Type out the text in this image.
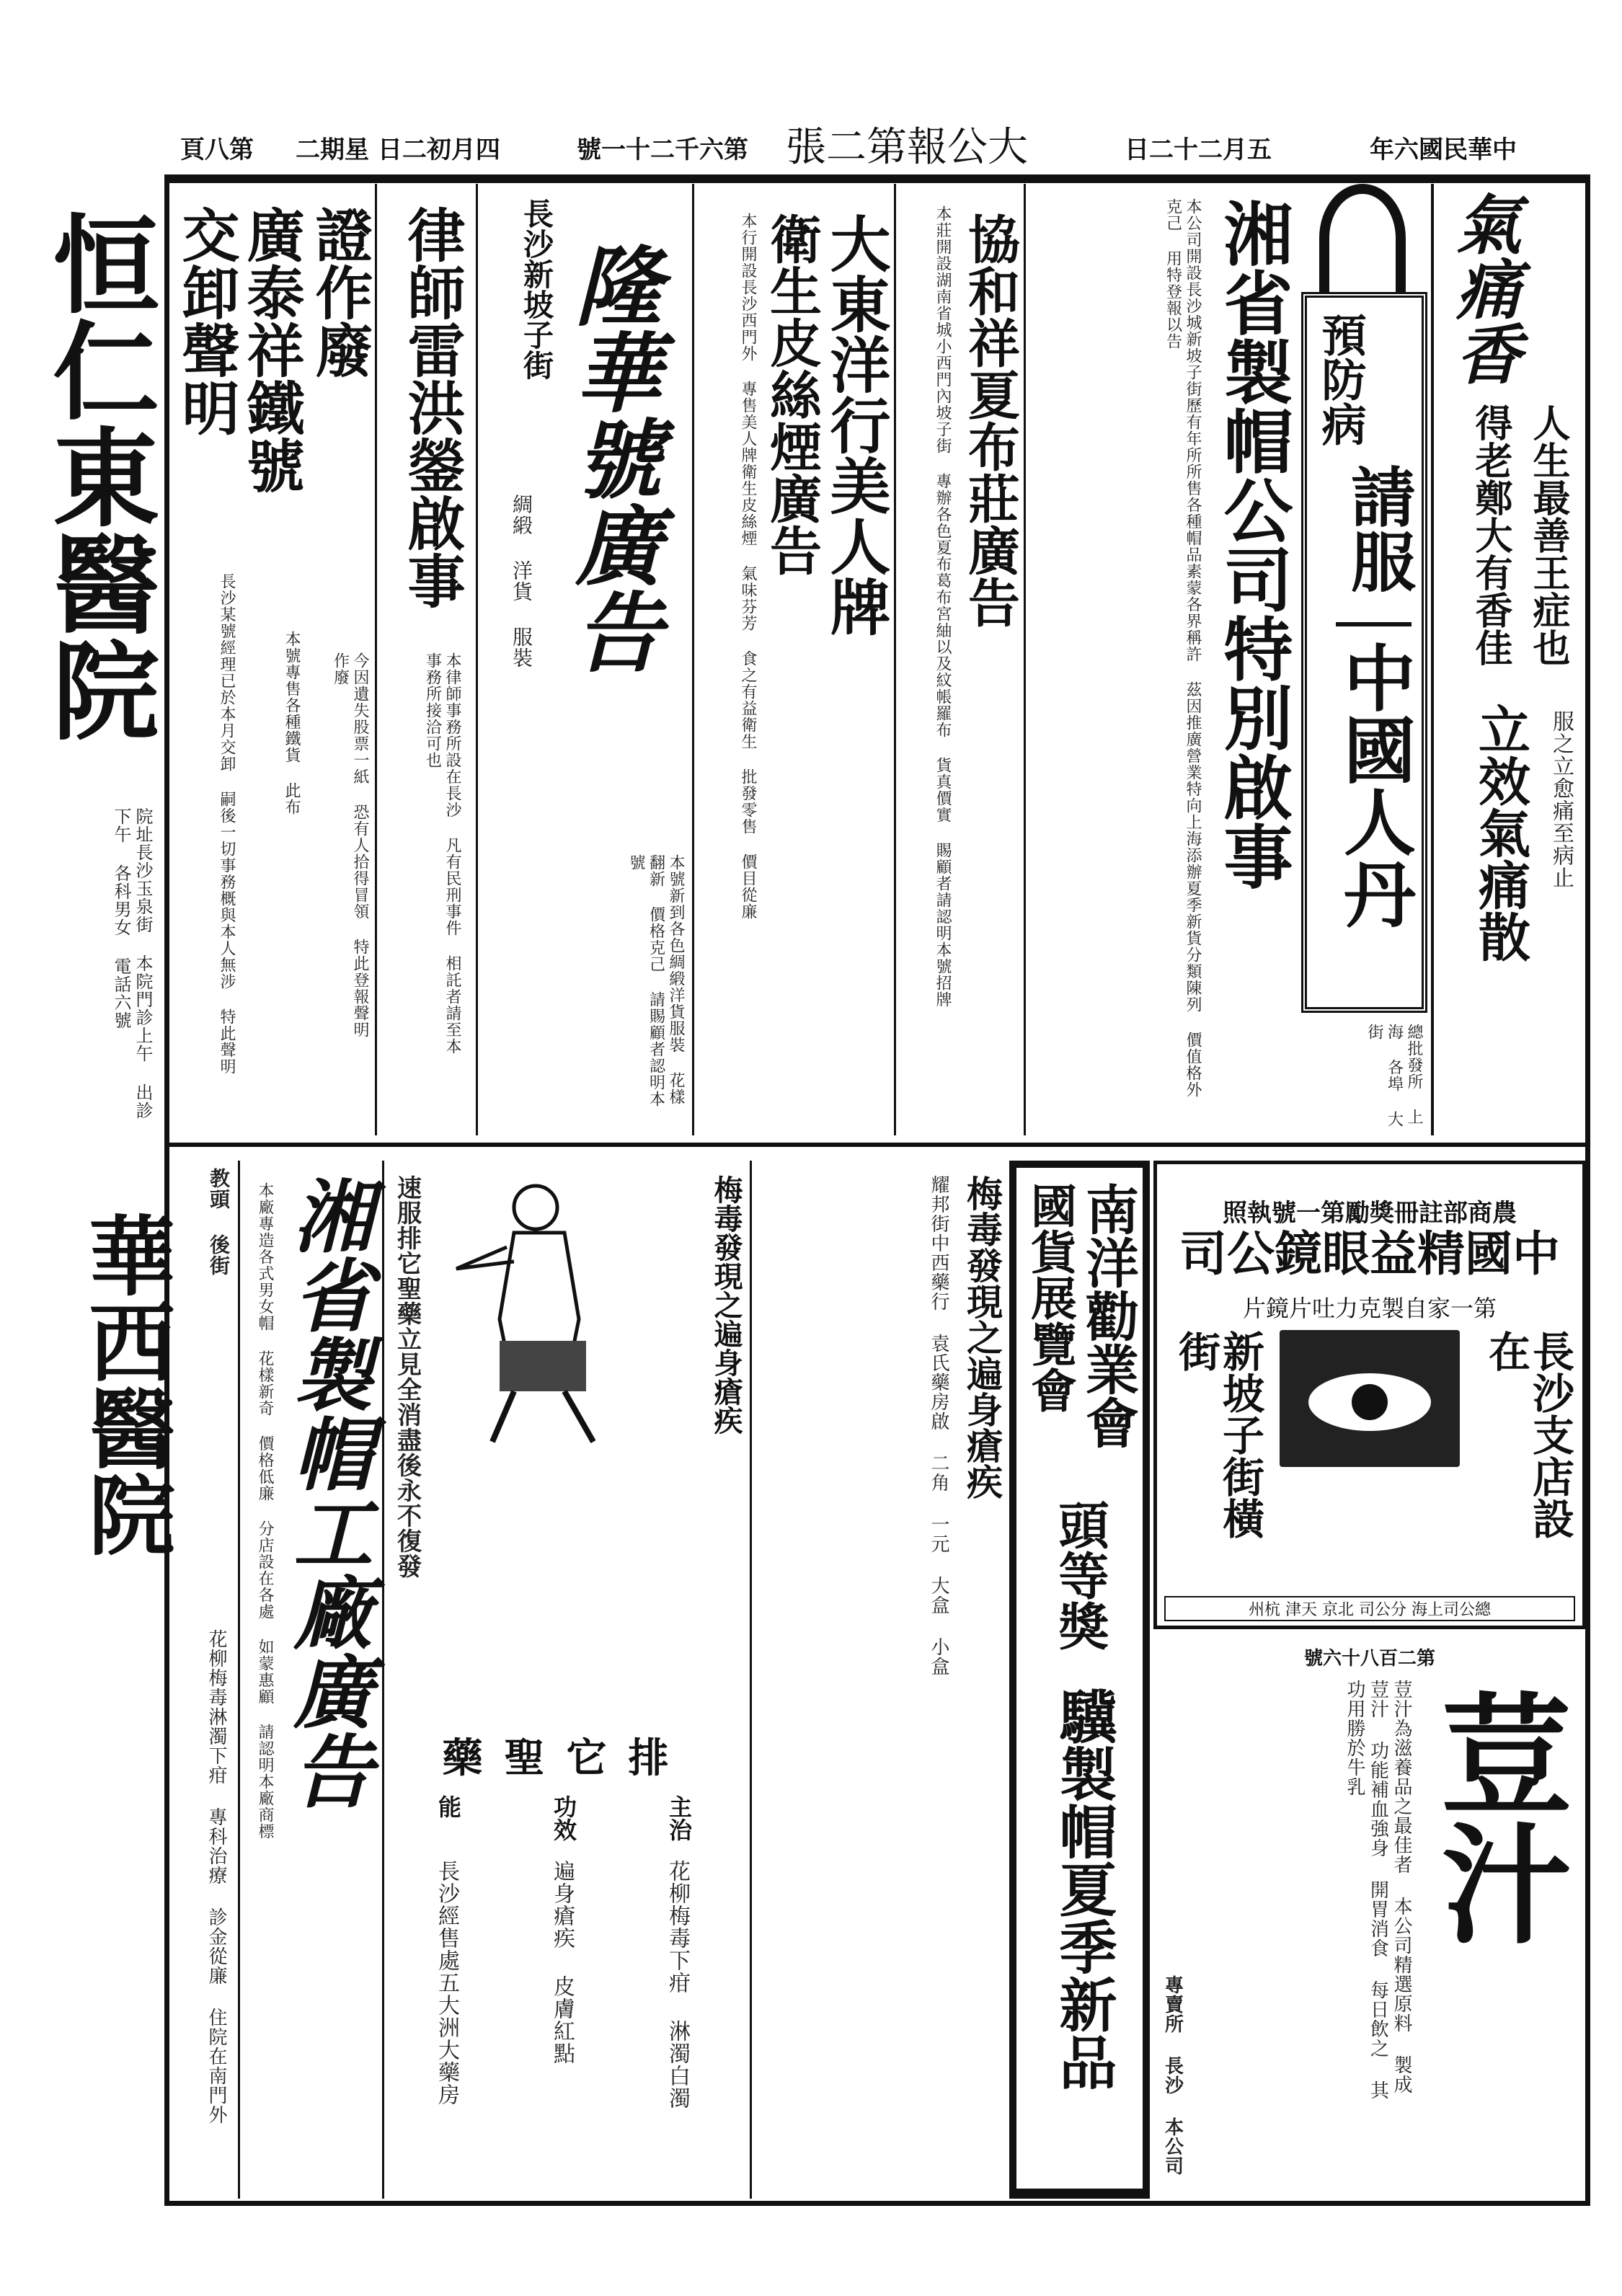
第八頁 四月初二日 星期二	第六千二十一號 大公報第二張	五月二十二日	中華民國六年
恒仁東醫院
院址長沙玉泉街 本院門診上午 出診下午 各科男女 電話六號
氣痛香
人生最善王症也
得老鄭大有香佳
立效氣痛散 服之立愈痛至病止
預防病
請服
中國人丹
總批發所 上海 各埠 大街
湘省製帽公司特別啟事
本公司開設長沙城新坡子街歷有年所所售各種帽品素蒙各界稱許 茲因推廣營業特向上海添辦夏季新貨分類陳列 價值格外克己 用特登報以告
協和祥夏布莊廣告
本莊開設湖南省城小西門內坡子街 專辦各色夏布葛布宮紬以及紋帳羅布 貨真價實 賜顧者請認明本號招牌
大東洋行美人牌
衛生皮絲煙廣告
本行開設長沙西門外 專售美人牌衛生皮絲煙 氣味芬芳 食之有益衛生 批發零售 價目從廉
長沙新坡子街 隆華號廣告
綢緞 洋貨 服裝
本號新到各色綢緞洋貨服裝 花樣翻新 價格克己 請賜顧者認明本號
律師雷洪鎣啟事
本律師事務所設在長沙 凡有民刑事件 相託者請至本事務所接洽可也
證作廢
今因遺失股票一紙 恐有人拾得冒領 特此登報聲明作廢
廣泰祥鐵號
本號專售各種鐵貨 此布
交卸聲明
長沙某號經理已於本月交卸 嗣後一切事務概與本人無涉 特此聲明
農商部註冊獎勵第一號執照
中國精益眼鏡公司
第一家自製克力吐片鏡片
新坡子街橫街	長沙支店設在
總公司上海 分公司 北京 天津 杭州
第二百八十六號
荳汁
荳汁為滋養品之最佳者 本公司精選原料 製成荳汁 功能補血強身 開胃消食 每日飲之 其功用勝於牛乳
專賣所 長沙 本公司
南洋勸業會
國貨展覽會
頭等獎
驥製帽夏季新品
梅毒發現之遍身瘡疾
耀邦街中西藥行 袁氏藥房啟 二角 一元 大盒 小盒
梅毒發現之遍身瘡疾
速服排它聖藥立見全消盡後永不復發
排它聖藥
主治
花柳梅毒下疳 淋濁白濁
功效
遍身瘡疾 皮膚紅點
能
長沙經售處五大洲大藥房
湘省製帽工廠廣告
本廠專造各式男女帽 花樣新奇 價格低廉 分店設在各處 如蒙惠顧 請認明本廠商標
教頭 後街
華西醫院
花柳梅毒淋濁下疳 專科治療 診金從廉 住院在南門外
